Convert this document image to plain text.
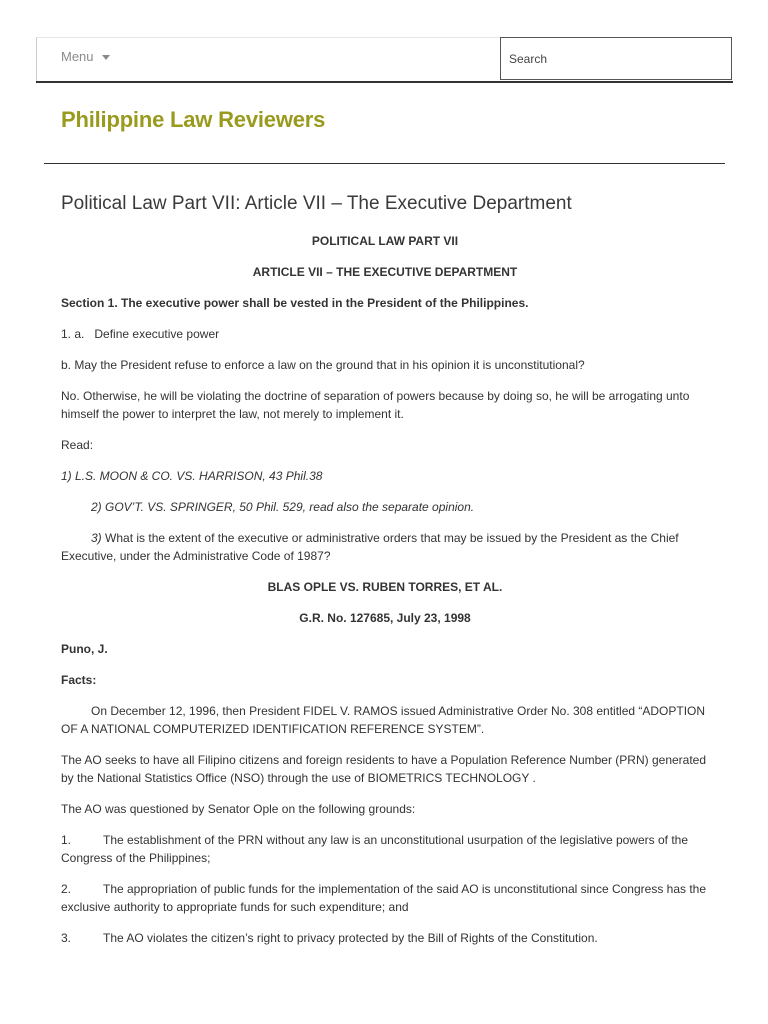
Menu
Search
Philippine Law Reviewers
Political Law Part VII: Article VII – The Executive Department

POLITICAL LAW PART VII

ARTICLE VII – THE EXECUTIVE DEPARTMENT

Section 1. The executive power shall be vested in the President of the Philippines.

1. a. Define executive power

b. May the President refuse to enforce a law on the ground that in his opinion it is unconstitutional?

No. Otherwise, he will be violating the doctrine of separation of powers because by doing so, he will be arrogating unto himself the power to interpret the law, not merely to implement it.

Read:

1) L.S. MOON & CO. VS. HARRISON, 43 Phil.38

2) GOV’T. VS. SPRINGER, 50 Phil. 529, read also the separate opinion.

3) What is the extent of the executive or administrative orders that may be issued by the President as the Chief Executive, under the Administrative Code of 1987?

BLAS OPLE VS. RUBEN TORRES, ET AL.

G.R. No. 127685, July 23, 1998

Puno, J.

Facts:

On December 12, 1996, then President FIDEL V. RAMOS issued Administrative Order No. 308 entitled “ADOPTION OF A NATIONAL COMPUTERIZED IDENTIFICATION REFERENCE SYSTEM”.

The AO seeks to have all Filipino citizens and foreign residents to have a Population Reference Number (PRN) generated by the National Statistics Office (NSO) through the use of BIOMETRICS TECHNOLOGY .

The AO was questioned by Senator Ople on the following grounds:

1.	The establishment of the PRN without any law is an unconstitutional usurpation of the legislative powers of the Congress of the Philippines;

2.	The appropriation of public funds for the implementation of the said AO is unconstitutional since Congress has the exclusive authority to appropriate funds for such expenditure; and

3.	The AO violates the citizen’s right to privacy protected by the Bill of Rights of the Constitution.
